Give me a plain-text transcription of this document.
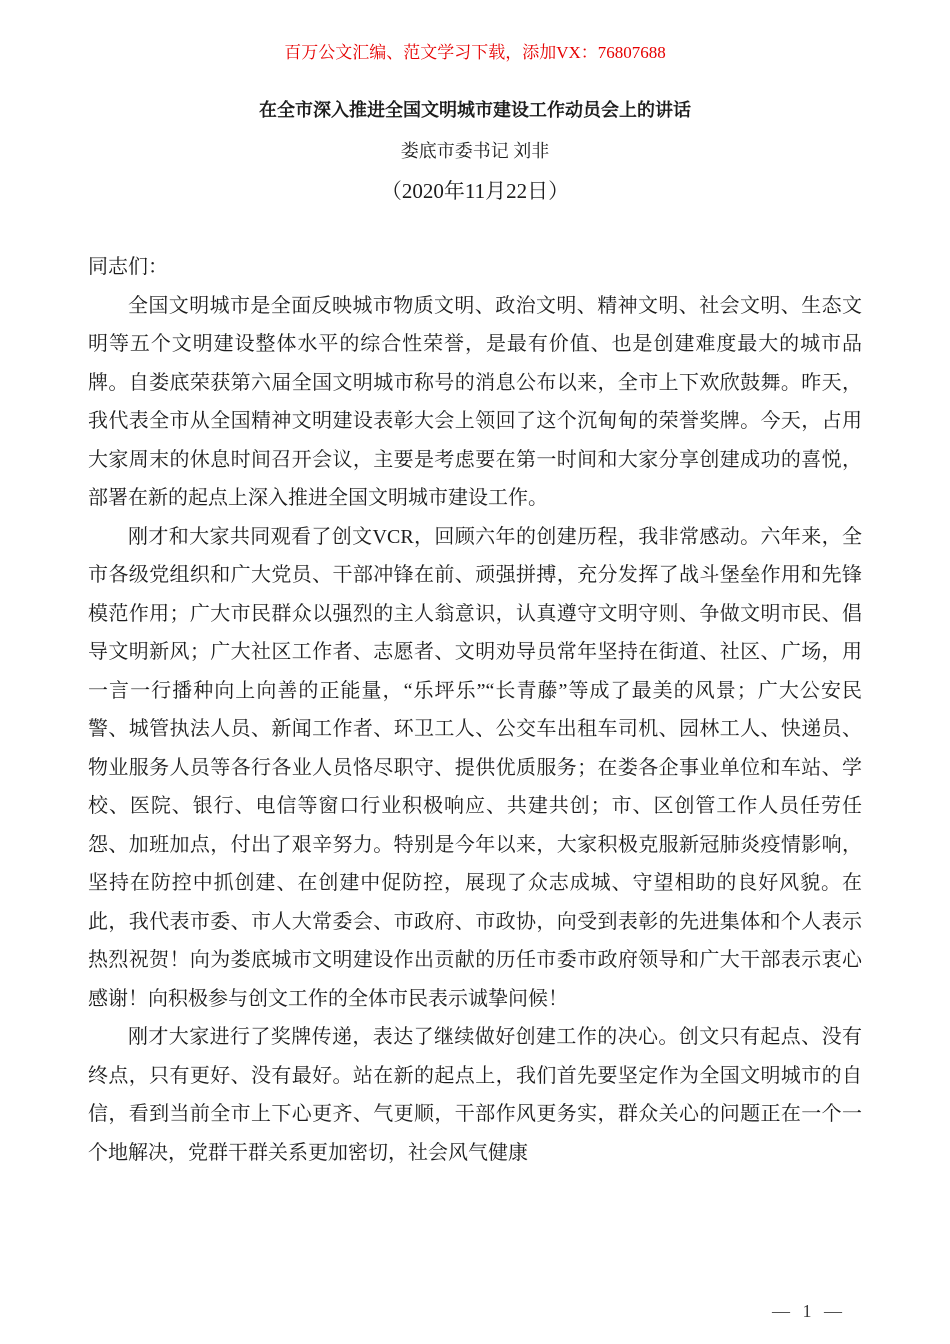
百万公文汇编、范文学习下载，添加VX：76807688
在全市深入推进全国文明城市建设工作动员会上的讲话
娄底市委书记 刘非
（2020年11月22日）

同志们：

全国文明城市是全面反映城市物质文明、政治文明、精神文明、社会文明、生态文明等五个文明建设整体水平的综合性荣誉，是最有价值、也是创建难度最大的城市品牌。自娄底荣获第六届全国文明城市称号的消息公布以来，全市上下欢欣鼓舞。昨天，我代表全市从全国精神文明建设表彰大会上领回了这个沉甸甸的荣誉奖牌。今天，占用大家周末的休息时间召开会议，主要是考虑要在第一时间和大家分享创建成功的喜悦，部署在新的起点上深入推进全国文明城市建设工作。

刚才和大家共同观看了创文VCR，回顾六年的创建历程，我非常感动。六年来，全市各级党组织和广大党员、干部冲锋在前、顽强拼搏，充分发挥了战斗堡垒作用和先锋模范作用；广大市民群众以强烈的主人翁意识，认真遵守文明守则、争做文明市民、倡导文明新风；广大社区工作者、志愿者、文明劝导员常年坚持在街道、社区、广场，用一言一行播种向上向善的正能量，“乐坪乐”“长青藤”等成了最美的风景；广大公安民警、城管执法人员、新闻工作者、环卫工人、公交车出租车司机、园林工人、快递员、物业服务人员等各行各业人员恪尽职守、提供优质服务；在娄各企事业单位和车站、学校、医院、银行、电信等窗口行业积极响应、共建共创；市、区创管工作人员任劳任怨、加班加点，付出了艰辛努力。特别是今年以来，大家积极克服新冠肺炎疫情影响，坚持在防控中抓创建、在创建中促防控，展现了众志成城、守望相助的良好风貌。在此，我代表市委、市人大常委会、市政府、市政协，向受到表彰的先进集体和个人表示热烈祝贺！向为娄底城市文明建设作出贡献的历任市委市政府领导和广大干部表示衷心感谢！向积极参与创文工作的全体市民表示诚挚问候！

刚才大家进行了奖牌传递，表达了继续做好创建工作的决心。创文只有起点、没有终点，只有更好、没有最好。站在新的起点上，我们首先要坚定作为全国文明城市的自信，看到当前全市上下心更齐、气更顺，干部作风更务实，群众关心的问题正在一个一个地解决，党群干群关系更加密切，社会风气健康

— 1 —
